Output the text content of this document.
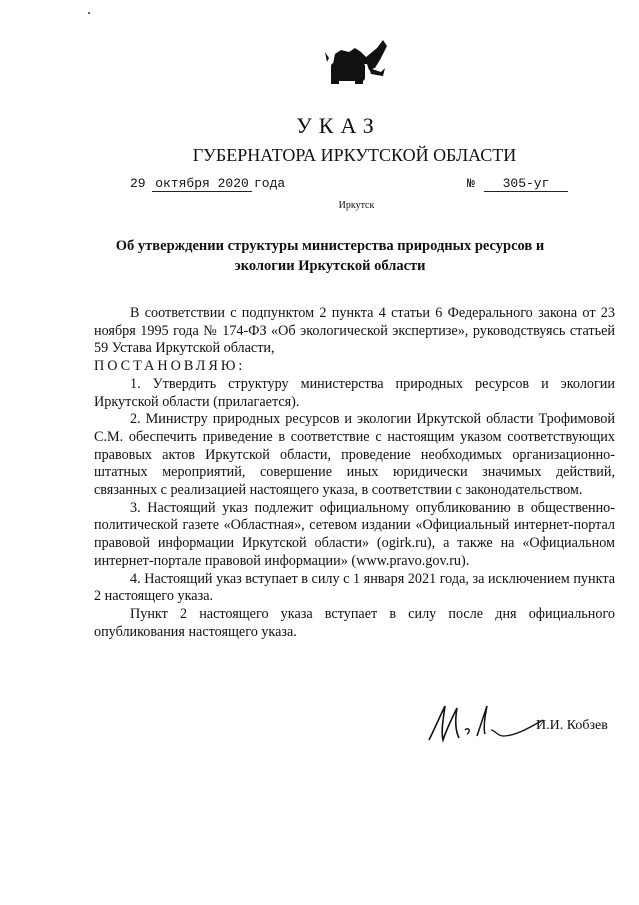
УКАЗ
ГУБЕРНАТОРА ИРКУТСКОЙ ОБЛАСТИ
29 октября 2020 года	№	305-уг
Иркутск
Об утверждении структуры министерства природных ресурсов и экологии Иркутской области

В соответствии с подпунктом 2 пункта 4 статьи 6 Федерального закона от 23 ноября 1995 года № 174-ФЗ «Об экологической экспертизе», руководствуясь статьей 59 Устава Иркутской области,

ПОСТАНОВЛЯЮ:

1. Утвердить структуру министерства природных ресурсов и экологии Иркутской области (прилагается).

2. Министру природных ресурсов и экологии Иркутской области Трофимовой С.М. обеспечить приведение в соответствие с настоящим указом соответствующих правовых актов Иркутской области, проведение необходимых организационно-штатных мероприятий, совершение иных юридически значимых действий, связанных с реализацией настоящего указа, в соответствии с законодательством.

3. Настоящий указ подлежит официальному опубликованию в общественно-политической газете «Областная», сетевом издании «Официальный интернет-портал правовой информации Иркутской области» (ogirk.ru), а также на «Официальном интернет-портале правовой информации» (www.pravo.gov.ru).

4. Настоящий указ вступает в силу с 1 января 2021 года, за исключением пункта 2 настоящего указа.

Пункт 2 настоящего указа вступает в силу после дня официального опубликования настоящего указа.

И.И. Кобзев
